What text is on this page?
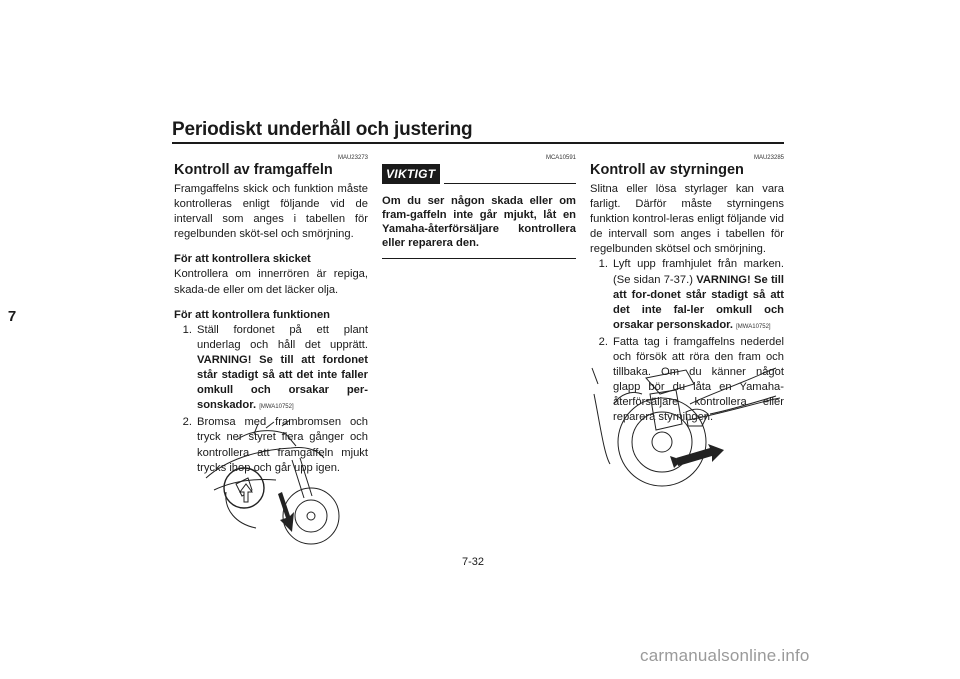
Periodiskt underhåll och justering
7
MAU23273
Kontroll av framgaffeln

Framgaffelns skick och funktion måste kontrolleras enligt följande vid de intervall som anges i tabellen för regelbunden sköt-sel och smörjning.

För att kontrollera skicket

Kontrollera om innerrören är repiga, skada-de eller om det läcker olja.

För att kontrollera funktionen
1. Ställ fordonet på ett plant underlag och håll det upprätt. VARNING! Se till att fordonet står stadigt så att det inte faller omkull och orsakar per-sonskador. [MWA10752]
2. Bromsa med frambromsen och tryck ner styret flera gånger och kontrollera att framgaffeln mjukt trycks ihop och går upp igen.
MCA10591
VIKTIGT
Om du ser någon skada eller om fram-gaffeln inte går mjukt, låt en Yamaha-återförsäljare kontrollera eller reparera den.
MAU23285
Kontroll av styrningen

Slitna eller lösa styrlager kan vara farligt. Därför måste styrningens funktion kontrol-leras enligt följande vid de intervall som anges i tabellen för regelbunden skötsel och smörjning.

1. Lyft upp framhjulet från marken. (Se sidan 7-37.) VARNING! Se till att for-donet står stadigt så att det inte fal-ler omkull och orsakar personskador. [MWA10752]
2. Fatta tag i framgaffelns nederdel och försök att röra den fram och tillbaka. Om du känner något glapp bör du låta en Yamaha-återförsäljare kontrollera eller reparera styrningen.
7-32
carmanualsonline.info
